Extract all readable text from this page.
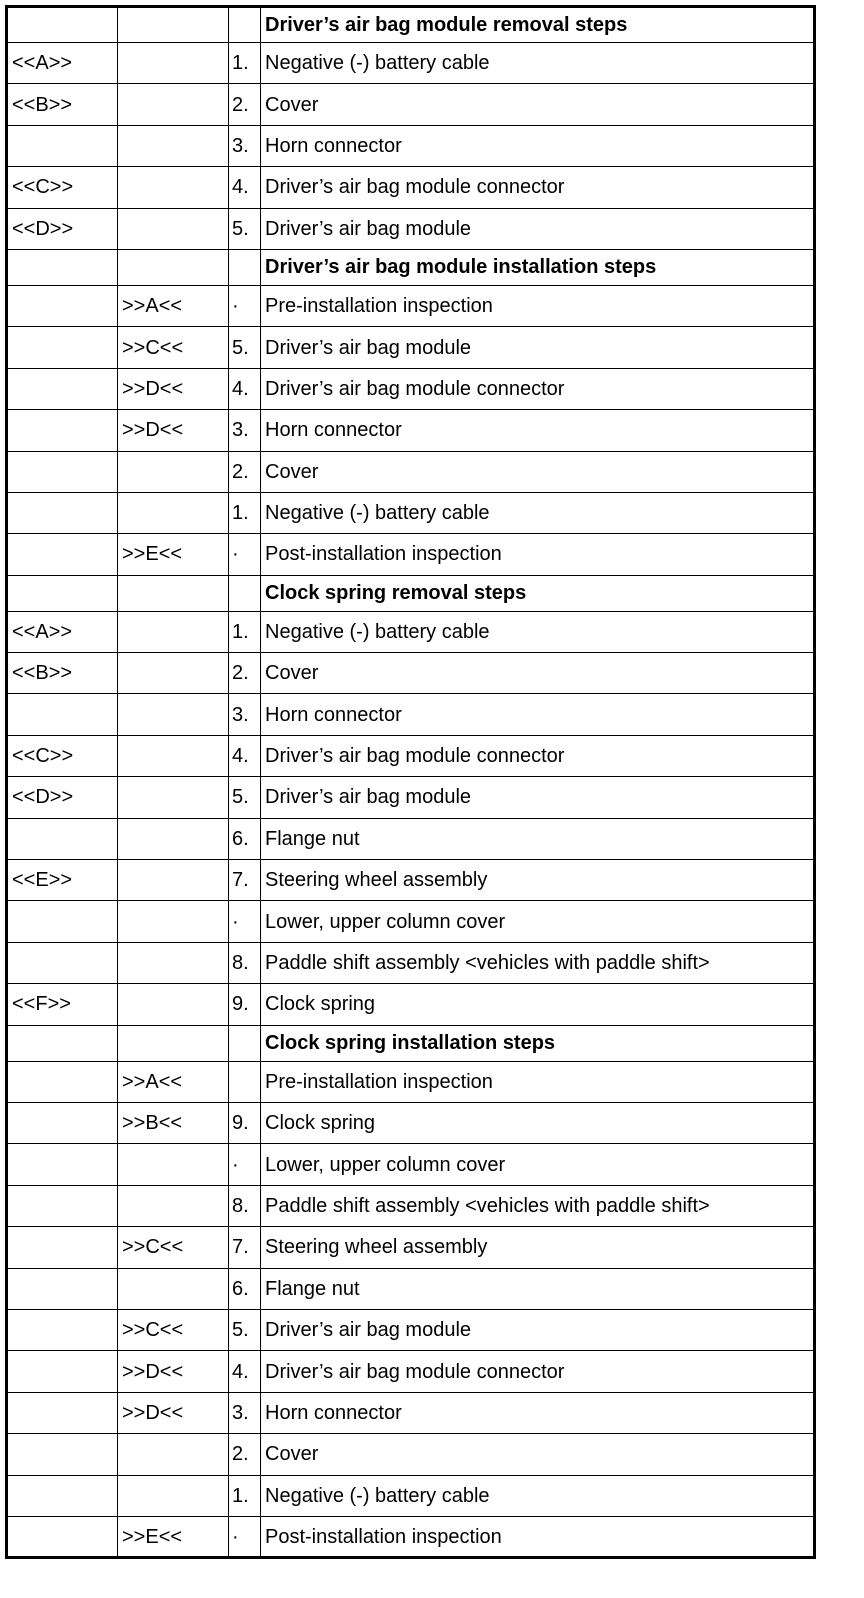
			Driver’s air bag module removal steps
<<A>>		1.	Negative (-) battery cable
<<B>>		2.	Cover
		3.	Horn connector
<<C>>		4.	Driver’s air bag module connector
<<D>>		5.	Driver’s air bag module
			Driver’s air bag module installation steps
	>>A<<	·	Pre-installation inspection
	>>C<<	5.	Driver’s air bag module
	>>D<<	4.	Driver’s air bag module connector
	>>D<<	3.	Horn connector
		2.	Cover
		1.	Negative (-) battery cable
	>>E<<	·	Post-installation inspection
			Clock spring removal steps
<<A>>		1.	Negative (-) battery cable
<<B>>		2.	Cover
		3.	Horn connector
<<C>>		4.	Driver’s air bag module connector
<<D>>		5.	Driver’s air bag module
		6.	Flange nut
<<E>>		7.	Steering wheel assembly
		·	Lower, upper column cover
		8.	Paddle shift assembly <vehicles with paddle shift>
<<F>>		9.	Clock spring
			Clock spring installation steps
	>>A<<		Pre-installation inspection
	>>B<<	9.	Clock spring
		·	Lower, upper column cover
		8.	Paddle shift assembly <vehicles with paddle shift>
	>>C<<	7.	Steering wheel assembly
		6.	Flange nut
	>>C<<	5.	Driver’s air bag module
	>>D<<	4.	Driver’s air bag module connector
	>>D<<	3.	Horn connector
		2.	Cover
		1.	Negative (-) battery cable
	>>E<<	·	Post-installation inspection
